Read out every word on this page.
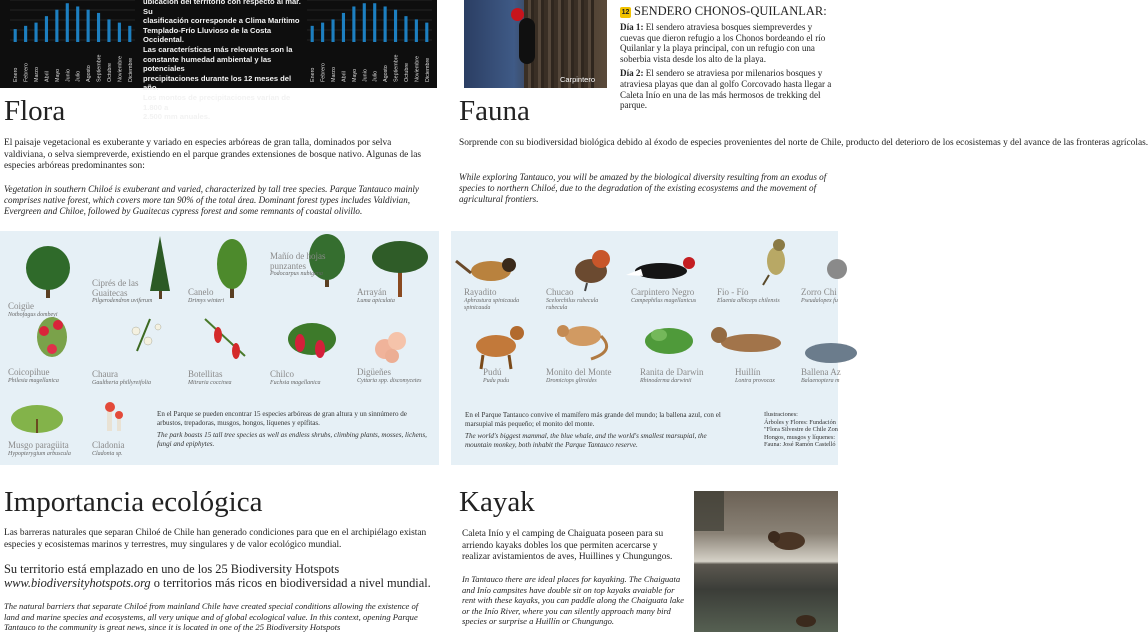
Enero Febrero Marzo Abril Mayo Junio Julio Agosto Septiembre Octubre Noviembre Diciembre
ubicación del territorio con respecto al mar. Su
clasificación corresponde a Clima Marítimo
Templado-Frío Lluvioso de la Costa Occidental.
Las características más relevantes son la
constante humedad ambiental y las potenciales
precipitaciones durante los 12 meses del año.
Los montos de precipitaciones varían de 1.800 a
2.500 mm anuales.
Enero Febrero Marzo Abril Mayo Junio Julio Agosto Septiembre Octubre Noviembre Diciembre	Carpintero
12 SENDERO CHONOS-QUILANLAR:

Día 1: El sendero atraviesa bosques siempreverdes y cuevas que dieron refugio a los Chonos bordeando el río Quilanlar y la playa principal, con un refugio con una soberbia vista desde los alto de la playa.

Día 2: El sendero se atraviesa por milenarios bosques y atraviesa playas que dan al golfo Corcovado hasta llegar a Caleta Inío en una de las más hermosos de trekking del parque.

Flora
El paisaje vegetacional es exuberante y variado en especies arbóreas de gran talla, dominados por selva valdiviana, o selva siempreverde, existiendo en el parque grandes extensiones de bosque nativo. Algunas de las especies arbóreas predominantes son:
Vegetation in southern Chiloé is exuberant and varied, characterized by tall tree species. Parque Tantauco mainly comprises native forest, which covers more tan 90% of the total área. Dominant forest types includes Valdivian, Evergreen and Chiloe, followed by Guaitecas cypress forest and some remnants of coastal olivillo.
Coigüe
Nothofagus dombeyi
Ciprés de las Guaitecas
Pilgerodendron uviferum
Canelo
Drimys winteri
Mañío de hojas punzantes
Podocarpus nubigena
Arrayán
Luma apiculata
Coicopihue
Philesia magellanica
Chaura
Gaultheria phillyreifolia
Botellitas
Mitraria coccinea
Chilco
Fuchsia magellanica
Digüeñes
Cyttaria spp. discomycetes
Musgo paragüita
Hypopterygium arbuscula
Cladonia
Cladonia sp.
En el Parque se pueden encontrar 15 especies arbóreas de gran altura y un sinnúmero de arbustos, trepadoras, musgos, hongos, líquenes y epífitas.
The park boasts 15 tall tree species as well as endless shrubs, climbing plants, mosses, lichens, fungi and epiphytes.
Fauna
Sorprende con su biodiversidad biológica debido al éxodo de especies provenientes del norte de Chile, producto del deterioro de los ecosistemas y del avance de las fronteras agrícolas.
While exploring Tantauco, you will be amazed by the biological diversity resulting from an exodus of species to northern Chiloé, due to the degradation of the existing ecosystems and the movement of agricultural frontiers.
Rayadito
Aphrastura spinicauda spinicauda
Chucao
Scelorchilus rubecula rubecula
Carpintero Negro
Campephilus magellanicus
Fio - Fío
Elaenia albiceps chilensis
Zorro Chi
Pseudalopex fu
Pudú
Pudu pudu
Monito del Monte
Dromiciops gliroides
Ranita de Darwin
Rhinoderma darwinii
Huillín
Lontra provocax
Ballena Az
Balaenoptera m
En el Parque Tantauco convive el mamífero más grande del mundo; la ballena azul, con el marsupial más pequeño; el monito del monte.
The world's biggest mammal, the blue whale, and the world's smallest marsupial, the mountain monkey, both inhabit the Parque Tantauco reserve.
Ilustraciones:
Árboles y Flores: Fundación
"Flora Silvestre de Chile Zon
Hongos, musgos y líquenes:
Fauna: José Ramón Castelló
Importancia ecológica
Las barreras naturales que separan Chiloé de Chile han generado condiciones para que en el archipiélago existan especies y ecosistemas marinos y terrestres, muy singulares y de valor ecológico mundial.
Su territorio está emplazado en uno de los 25 Biodiversity Hotspots
www.biodiversityhotspots.org o territorios más ricos en biodiversidad a nivel mundial.
The natural barriers that separate Chiloé from mainland Chile have created special conditions allowing the existence of land and marine species and ecosystems, all very unique and of global ecological value. In this context, opening Parque Tantauco to the community is great news, since it is located in one of the 25 Biodiversity Hotspots
Kayak
Caleta Inío y el camping de Chaiguata poseen para su arriendo kayaks dobles los que permiten acercarse y realizar avistamientos de aves, Huillines y Chungungos.
In Tantauco there are ideal places for kayaking. The Chaiguata and Inío campsites have double sit on top kayaks avaiable for rent with these kayaks, you can paddle along the Chaiguata lake or the Inío River, where you can silently approach many bird species or surprise a Huillín or Chungungo.
